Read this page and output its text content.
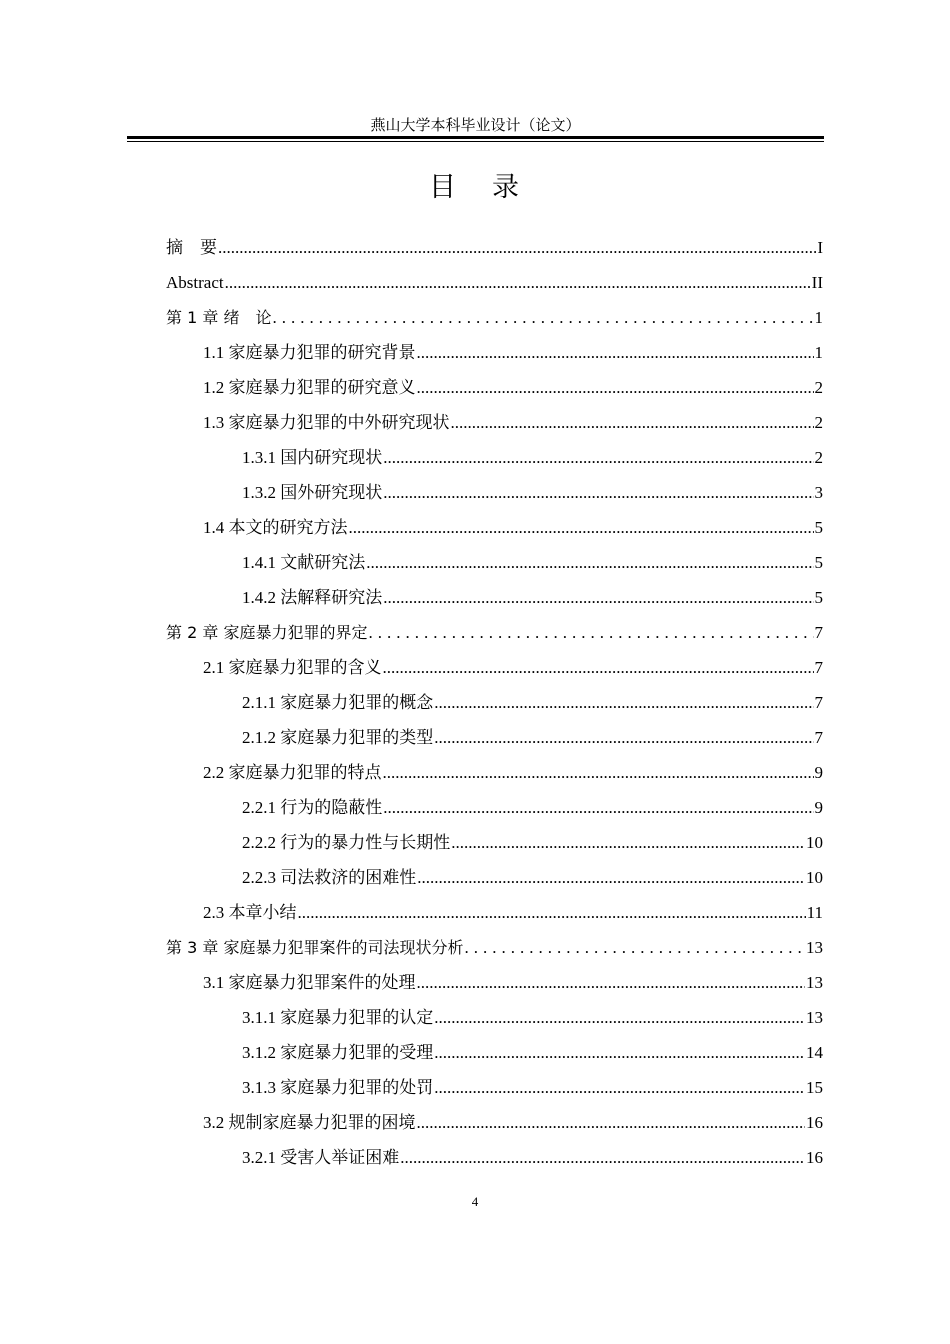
燕山大学本科毕业设计（论文）
目 录
摘　要 .....	I
Abstract .....	II
第 1 章 绪　论 .....	1
1.1 家庭暴力犯罪的研究背景 .....	1
1.2 家庭暴力犯罪的研究意义 .....	2
1.3 家庭暴力犯罪的中外研究现状 .....	2
1.3.1 国内研究现状 .....	2
1.3.2 国外研究现状 .....	3
1.4 本文的研究方法 .....	5
1.4.1 文献研究法 .....	5
1.4.2 法解释研究法 .....	5
第 2 章 家庭暴力犯罪的界定 .....	7
2.1 家庭暴力犯罪的含义 .....	7
2.1.1 家庭暴力犯罪的概念 .....	7
2.1.2 家庭暴力犯罪的类型 .....	7
2.2 家庭暴力犯罪的特点 .....	9
2.2.1 行为的隐蔽性 .....	9
2.2.2 行为的暴力性与长期性 .....	10
2.2.3 司法救济的困难性 .....	10
2.3 本章小结 .....	11
第 3 章 家庭暴力犯罪案件的司法现状分析 .....	13
3.1 家庭暴力犯罪案件的处理 .....	13
3.1.1 家庭暴力犯罪的认定 .....	13
3.1.2 家庭暴力犯罪的受理 .....	14
3.1.3 家庭暴力犯罪的处罚 .....	15
3.2 规制家庭暴力犯罪的困境 .....	16
3.2.1 受害人举证困难 .....	16
4
